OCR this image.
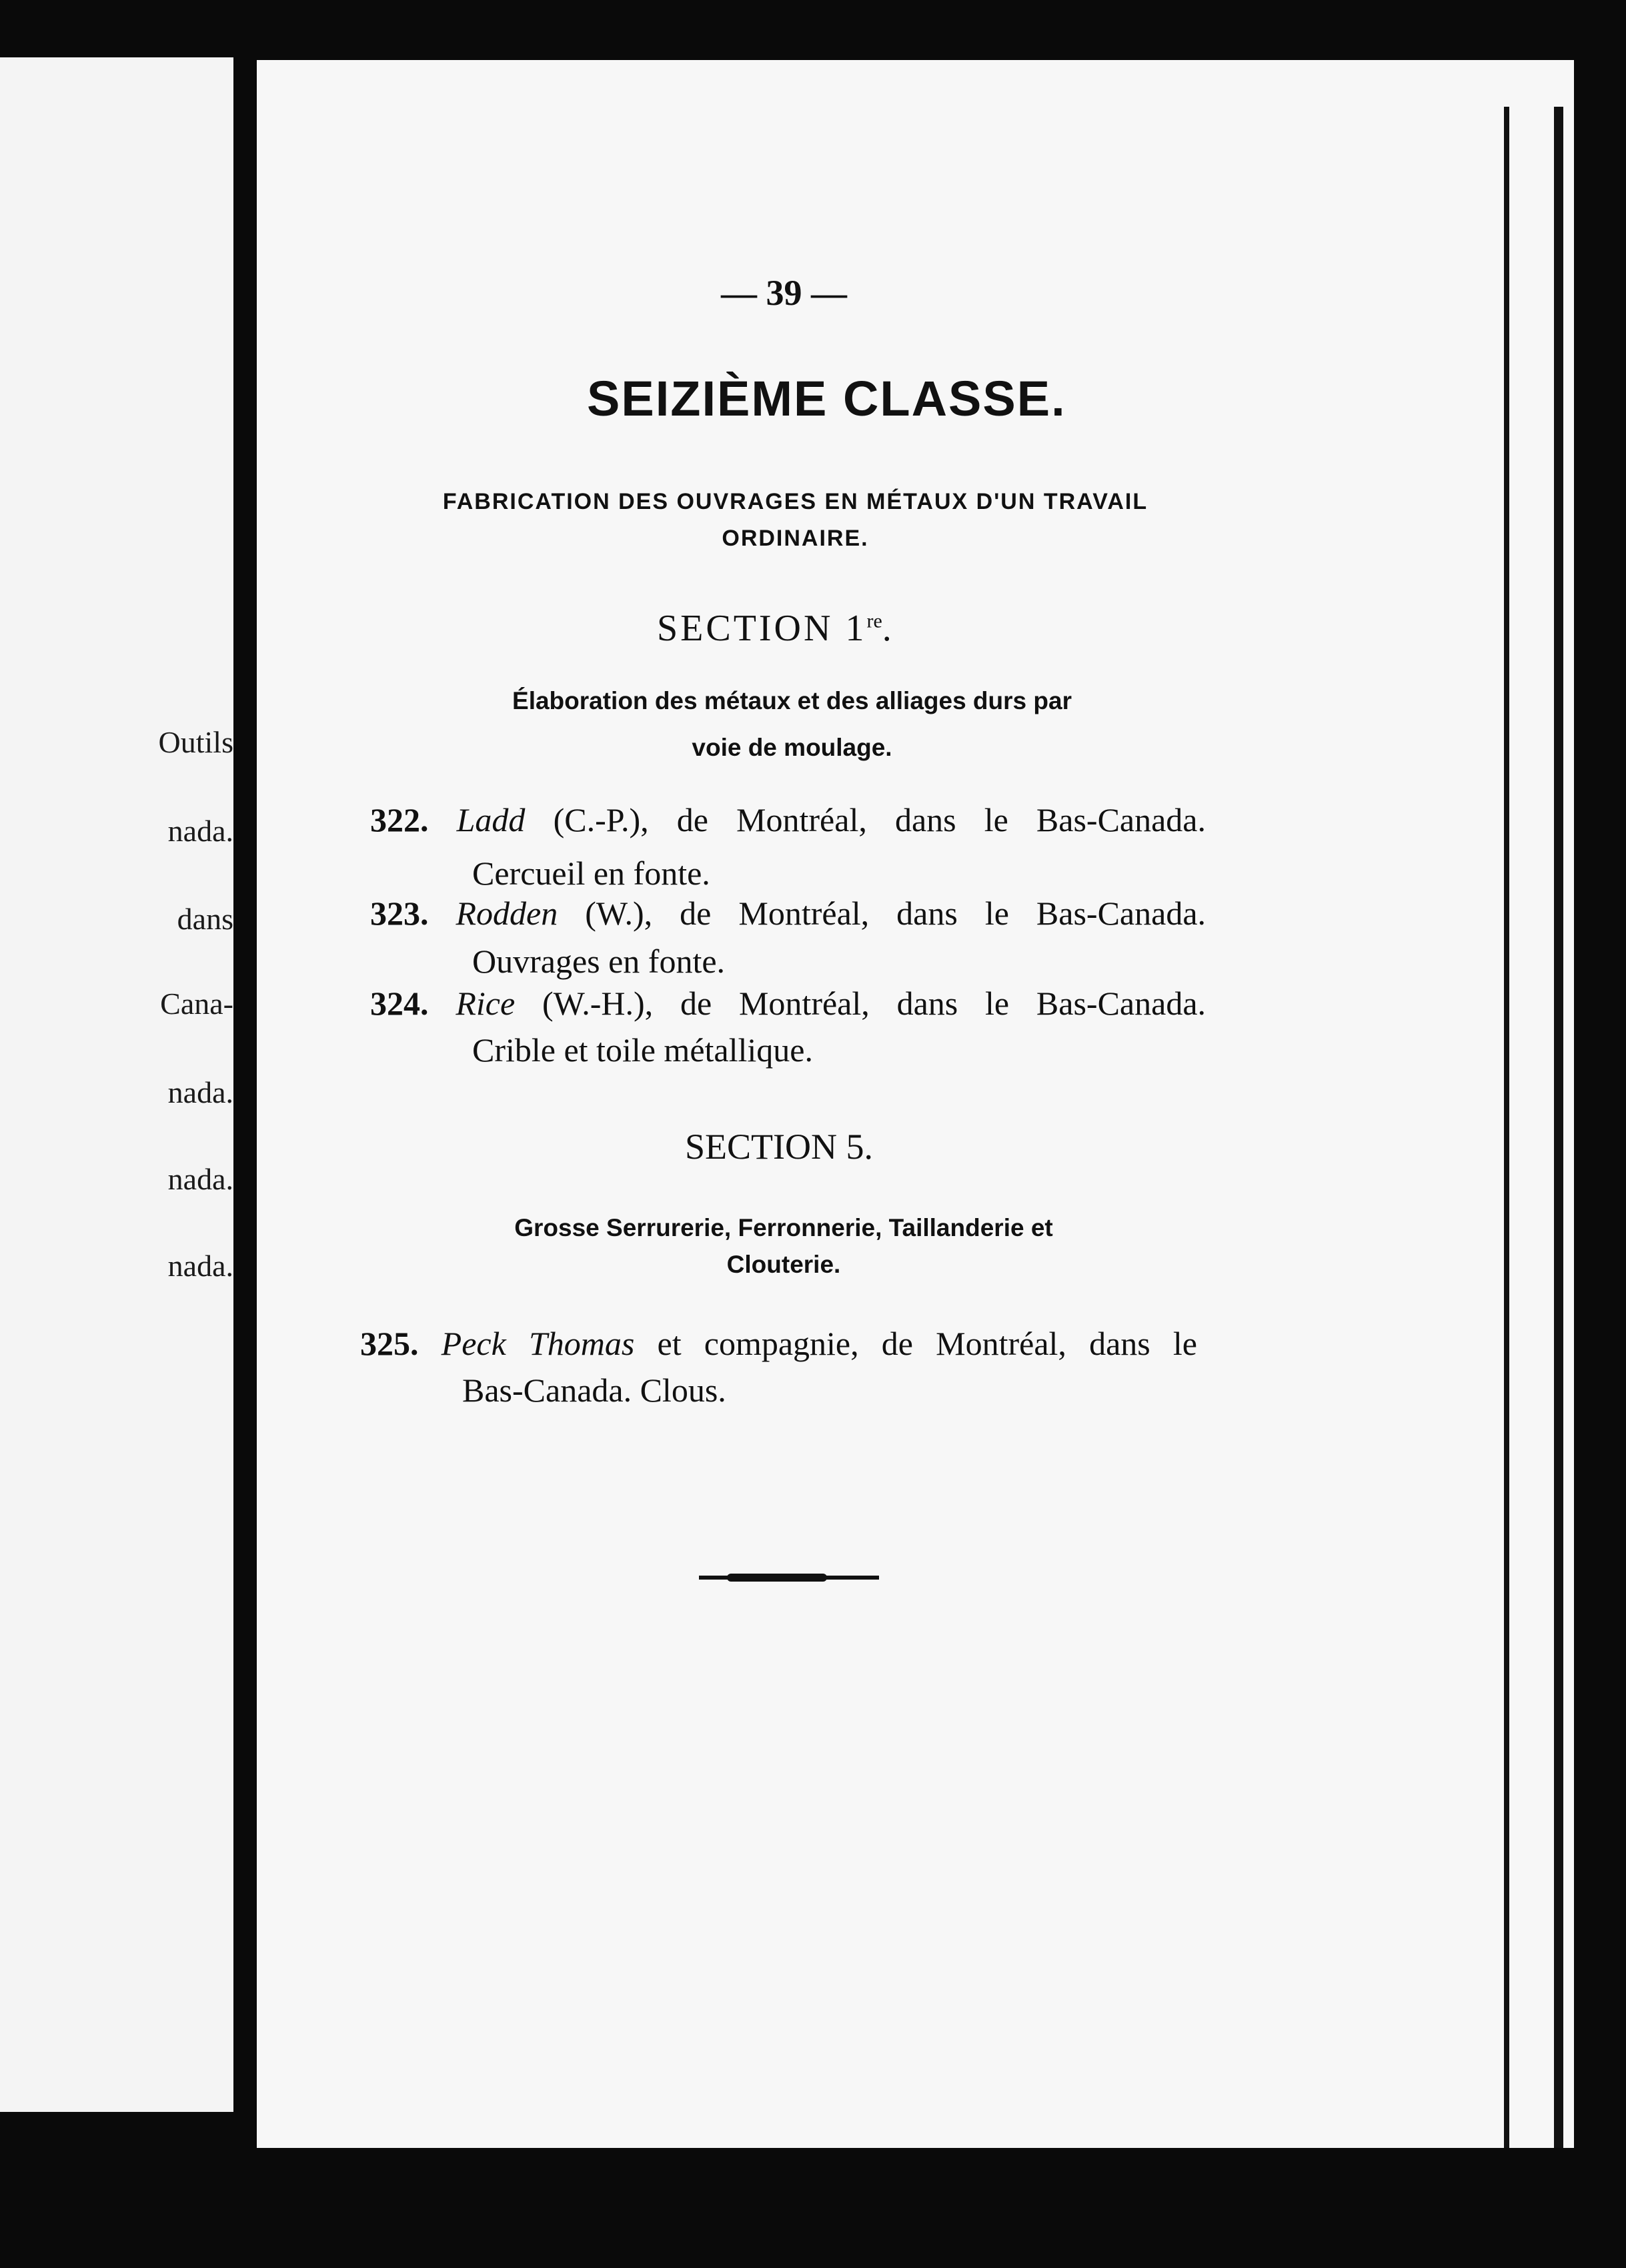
Outils
nada.
dans
Cana-
nada.
nada.
nada.
— 39 —
SEIZIÈME CLASSE.
FABRICATION DES OUVRAGES EN MÉTAUX D'UN TRAVAIL
ORDINAIRE.
SECTION 1re.
Élaboration des métaux et des alliages durs par
voie de moulage.
322. Ladd (C.-P.), de Montréal, dans le Bas-Canada.
Cercueil en fonte.
323. Rodden (W.), de Montréal, dans le Bas-Canada.
Ouvrages en fonte.
324. Rice (W.-H.), de Montréal, dans le Bas-Canada.
Crible et toile métallique.
SECTION 5.
Grosse Serrurerie, Ferronnerie, Taillanderie et
Clouterie.
325. Peck Thomas et compagnie, de Montréal, dans le
Bas-Canada. Clous.
